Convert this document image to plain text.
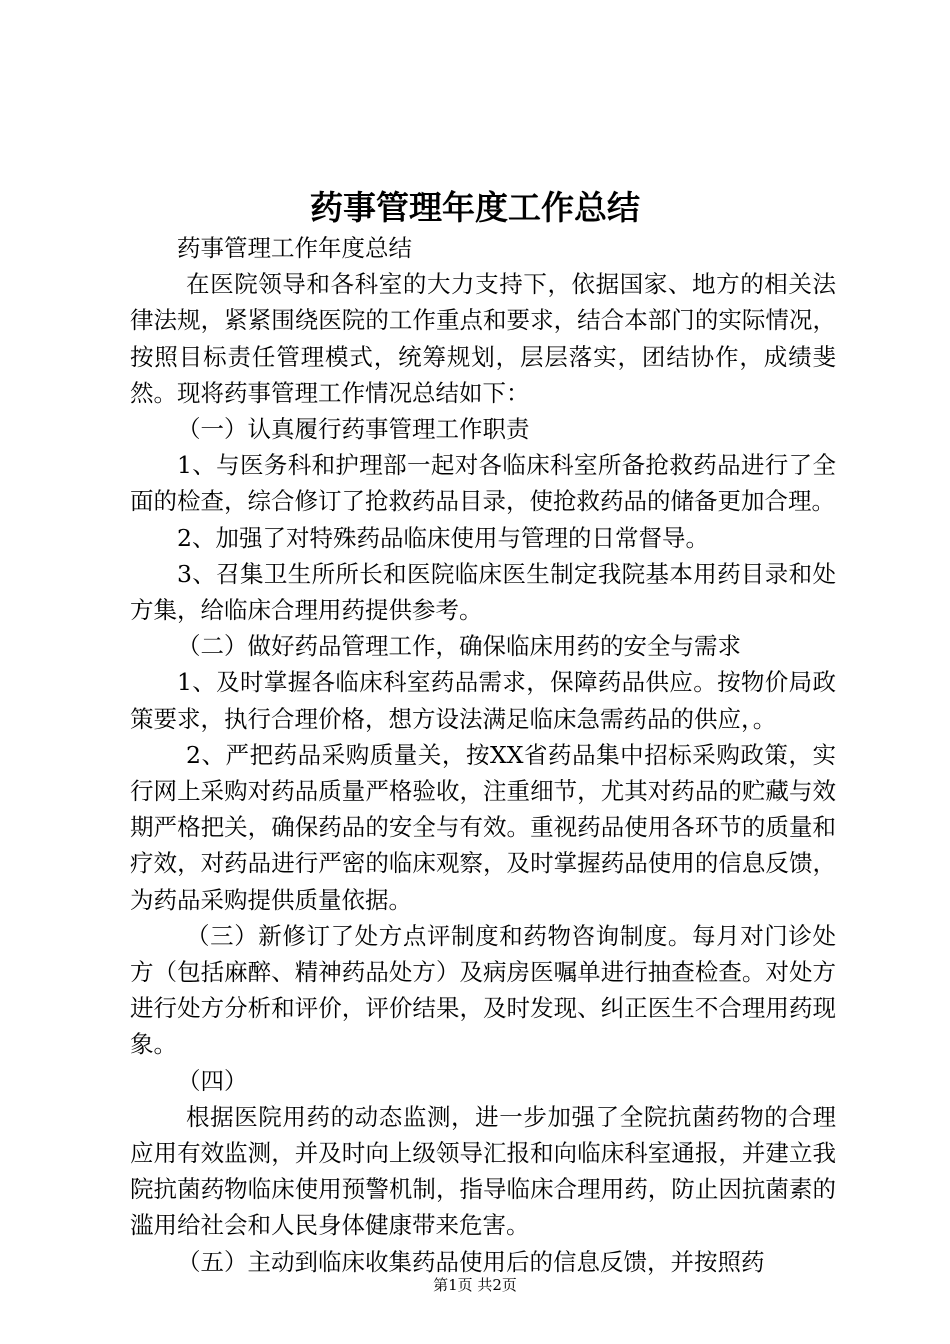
药事管理年度工作总结

药事管理工作年度总结

在医院领导和各科室的大力支持下，依据国家、地方的相关法律法规，紧紧围绕医院的工作重点和要求，结合本部门的实际情况，按照目标责任管理模式，统筹规划，层层落实，团结协作，成绩斐然。现将药事管理工作情况总结如下：

（一）认真履行药事管理工作职责

1、与医务科和护理部一起对各临床科室所备抢救药品进行了全面的检查，综合修订了抢救药品目录，使抢救药品的储备更加合理。

2、加强了对特殊药品临床使用与管理的日常督导。

3、召集卫生所所长和医院临床医生制定我院基本用药目录和处方集，给临床合理用药提供参考。

（二）做好药品管理工作，确保临床用药的安全与需求

1、及时掌握各临床科室药品需求，保障药品供应。按物价局政策要求，执行合理价格，想方设法满足临床急需药品的供应，。

2、严把药品采购质量关，按XX省药品集中招标采购政策，实行网上采购对药品质量严格验收，注重细节，尤其对药品的贮藏与效期严格把关，确保药品的安全与有效。重视药品使用各环节的质量和疗效，对药品进行严密的临床观察，及时掌握药品使用的信息反馈，为药品采购提供质量依据。

（三）新修订了处方点评制度和药物咨询制度。每月对门诊处方（包括麻醉、精神药品处方）及病房医嘱单进行抽查检查。对处方进行处方分析和评价，评价结果，及时发现、纠正医生不合理用药现象。

（四）

根据医院用药的动态监测，进一步加强了全院抗菌药物的合理应用有效监测，并及时向上级领导汇报和向临床科室通报，并建立我院抗菌药物临床使用预警机制，指导临床合理用药，防止因抗菌素的滥用给社会和人民身体健康带来危害。

（五）主动到临床收集药品使用后的信息反馈，并按照药

第1页 共2页
